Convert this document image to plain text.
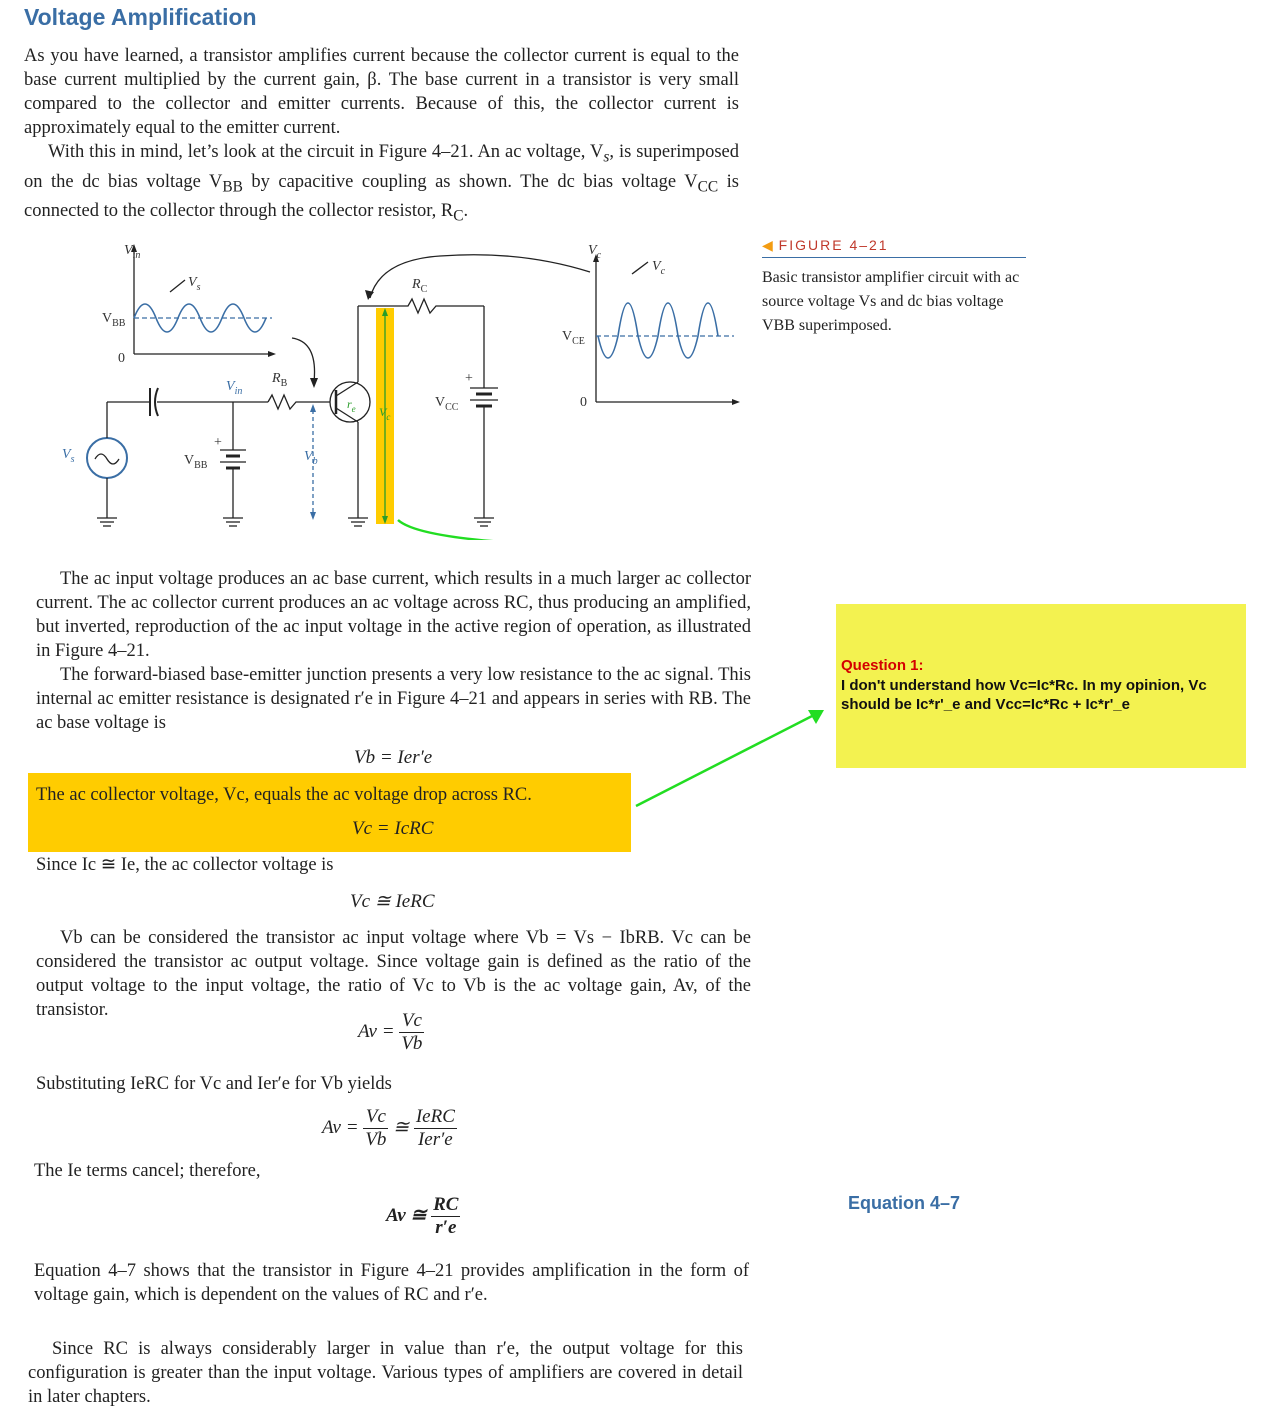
Voltage Amplification

As you have learned, a transistor amplifies current because the collector current is equal to the base current multiplied by the current gain, β. The base current in a transistor is very small compared to the collector and emitter currents. Because of this, the collector current is approximately equal to the emitter current.

With this in mind, let’s look at the circuit in Figure 4–21. An ac voltage, $V_s$, is superimposed on the dc bias voltage $V_{BB}$ by capacitive coupling as shown. The dc bias voltage $V_{CC}$ is connected to the collector through the collector resistor, $R_C$.

$V_{in}$
$V_s$
$V_{BB}$
0
$V_{in}$
$R_B$
$R_C$
$V_{CC}$
+
+
$V_{BB}$
$V_s$	$V_b$
$r_e$ $V_c$
$V_{CE}$
0
$V_c$
$V_c$
◀ FIGURE 4–21
Basic transistor amplifier circuit with ac source voltage Vs and dc bias voltage VBB superimposed.
Question 1:
I don't understand how Vc=Ic*Rc. In my opinion, Vc should be Ic*r'_e and Vcc=Ic*Rc + Ic*r'_e

The ac input voltage produces an ac base current, which results in a much larger ac collector current. The ac collector current produces an ac voltage across RC, thus producing an amplified, but inverted, reproduction of the ac input voltage in the active region of operation, as illustrated in Figure 4–21.

The forward-biased base-emitter junction presents a very low resistance to the ac signal. This internal ac emitter resistance is designated r′e in Figure 4–21 and appears in series with RB. The ac base voltage is

Vb = Ier′e
The ac collector voltage, Vc, equals the ac voltage drop across RC.
Vc = IcRC
Since Ic ≅ Ie, the ac collector voltage is
Vc ≅ IeRC

Vb can be considered the transistor ac input voltage where Vb = Vs − IbRB. Vc can be considered the transistor ac output voltage. Since voltage gain is defined as the ratio of the output voltage to the input voltage, the ratio of Vc to Vb is the ac voltage gain, Av, of the transistor.

$Av = \frac{Vc}{Vb}$
Substituting IeRC for Vc and Ier′e for Vb yields
$Av = \frac{Vc}{Vb}$ ≅ $\frac{\text{IeRC}}{\text{Ier′e}}$
The Ie terms cancel; therefore,
Av ≅ $\frac{RC}{r'e}$	Equation 4–7

Equation 4–7 shows that the transistor in Figure 4–21 provides amplification in the form of voltage gain, which is dependent on the values of RC and r′e.

Since RC is always considerably larger in value than r′e, the output voltage for this configuration is greater than the input voltage. Various types of amplifiers are covered in detail in later chapters.
